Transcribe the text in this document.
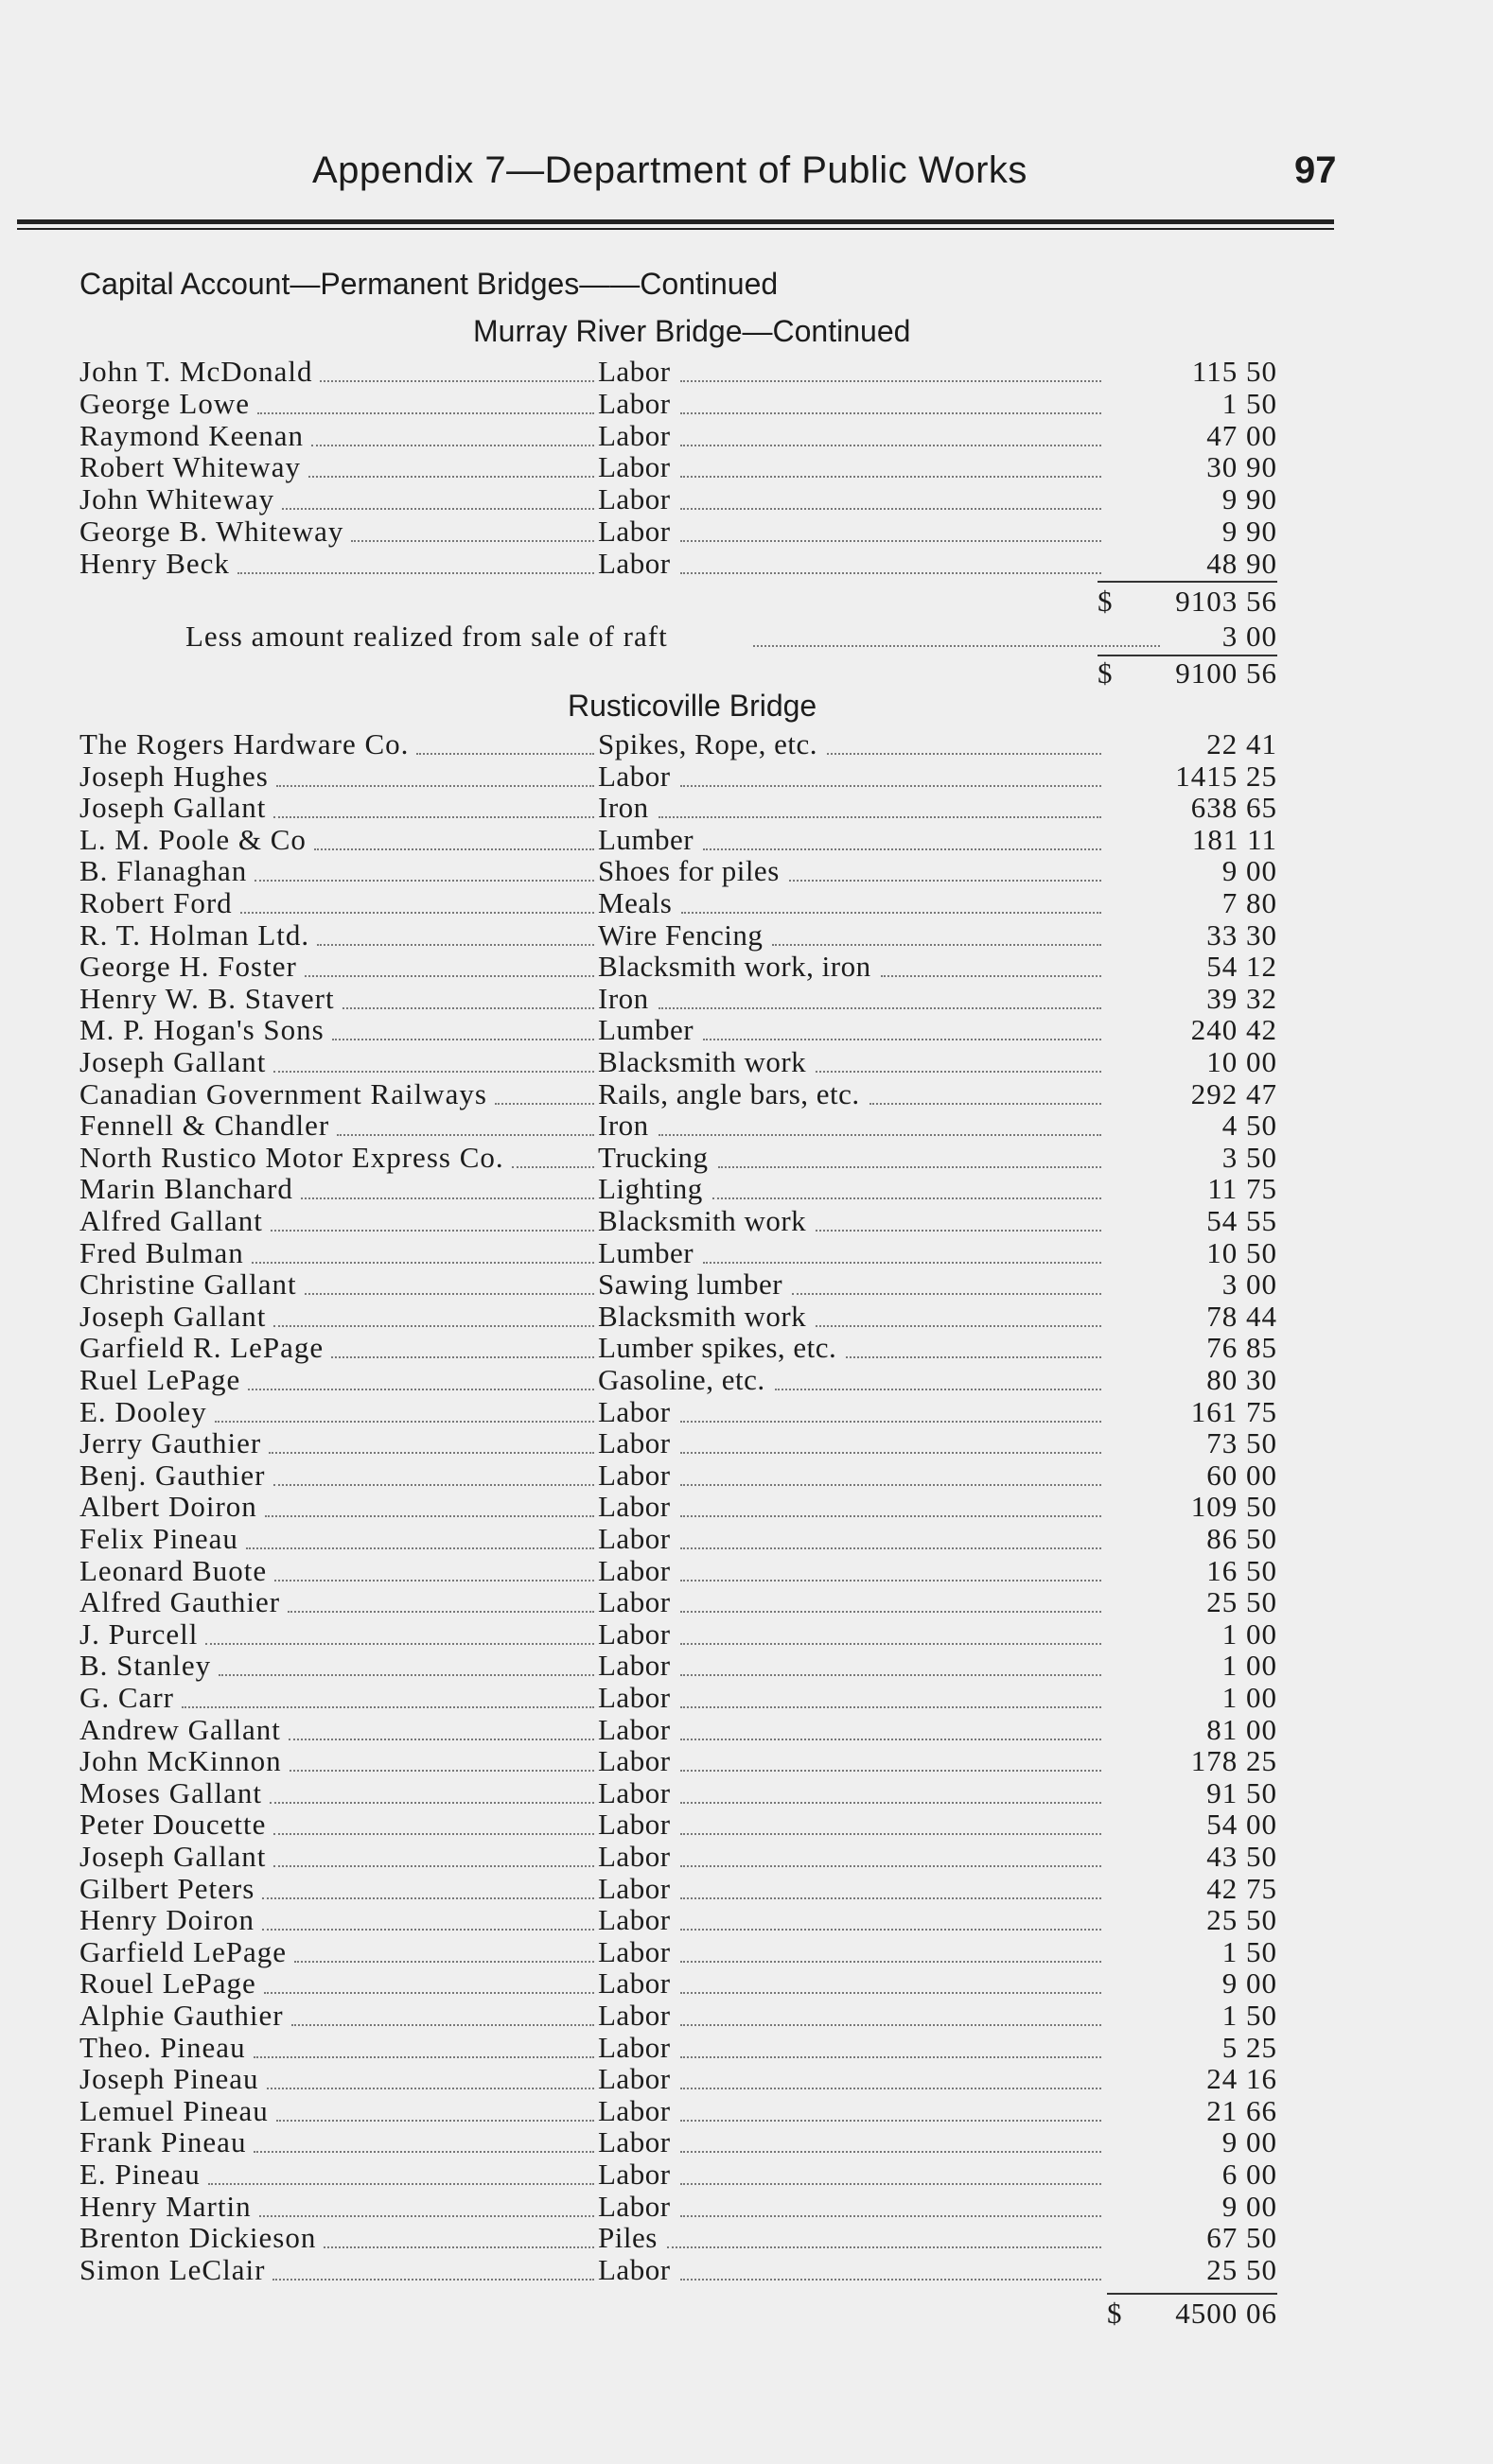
Appendix 7—Department of Public Works	97
Capital Account—Permanent Bridges——Continued
Murray River Bridge—Continued
John T. McDonald	Labor	115 50
George Lowe	Labor	1 50
Raymond Keenan	Labor	47 00
Robert Whiteway	Labor	30 90
John Whiteway	Labor	9 90
George B. Whiteway	Labor	9 90
Henry Beck	Labor	48 90
$ 9103 56
Less amount realized from sale of raft	3 00
$ 9100 56
Rusticoville Bridge
The Rogers Hardware Co.	Spikes, Rope, etc.	22 41
Joseph Hughes	Labor	1415 25
Joseph Gallant	Iron	638 65
L. M. Poole & Co	Lumber	181 11
B. Flanaghan	Shoes for piles	9 00
Robert Ford	Meals	7 80
R. T. Holman Ltd.	Wire Fencing	33 30
George H. Foster	Blacksmith work, iron	54 12
Henry W. B. Stavert	Iron	39 32
M. P. Hogan's Sons	Lumber	240 42
Joseph Gallant	Blacksmith work	10 00
Canadian Government Railways	Rails, angle bars, etc.	292 47
Fennell & Chandler	Iron	4 50
North Rustico Motor Express Co.	Trucking	3 50
Marin Blanchard	Lighting	11 75
Alfred Gallant	Blacksmith work	54 55
Fred Bulman	Lumber	10 50
Christine Gallant	Sawing lumber	3 00
Joseph Gallant	Blacksmith work	78 44
Garfield R. LePage	Lumber spikes, etc.	76 85
Ruel LePage	Gasoline, etc.	80 30
E. Dooley	Labor	161 75
Jerry Gauthier	Labor	73 50
Benj. Gauthier	Labor	60 00
Albert Doiron	Labor	109 50
Felix Pineau	Labor	86 50
Leonard Buote	Labor	16 50
Alfred Gauthier	Labor	25 50
J. Purcell	Labor	1 00
B. Stanley	Labor	1 00
G. Carr	Labor	1 00
Andrew Gallant	Labor	81 00
John McKinnon	Labor	178 25
Moses Gallant	Labor	91 50
Peter Doucette	Labor	54 00
Joseph Gallant	Labor	43 50
Gilbert Peters	Labor	42 75
Henry Doiron	Labor	25 50
Garfield LePage	Labor	1 50
Rouel LePage	Labor	9 00
Alphie Gauthier	Labor	1 50
Theo. Pineau	Labor	5 25
Joseph Pineau	Labor	24 16
Lemuel Pineau	Labor	21 66
Frank Pineau	Labor	9 00
E. Pineau	Labor	6 00
Henry Martin	Labor	9 00
Brenton Dickieson	Piles	67 50
Simon LeClair	Labor	25 50
$ 4500 06
